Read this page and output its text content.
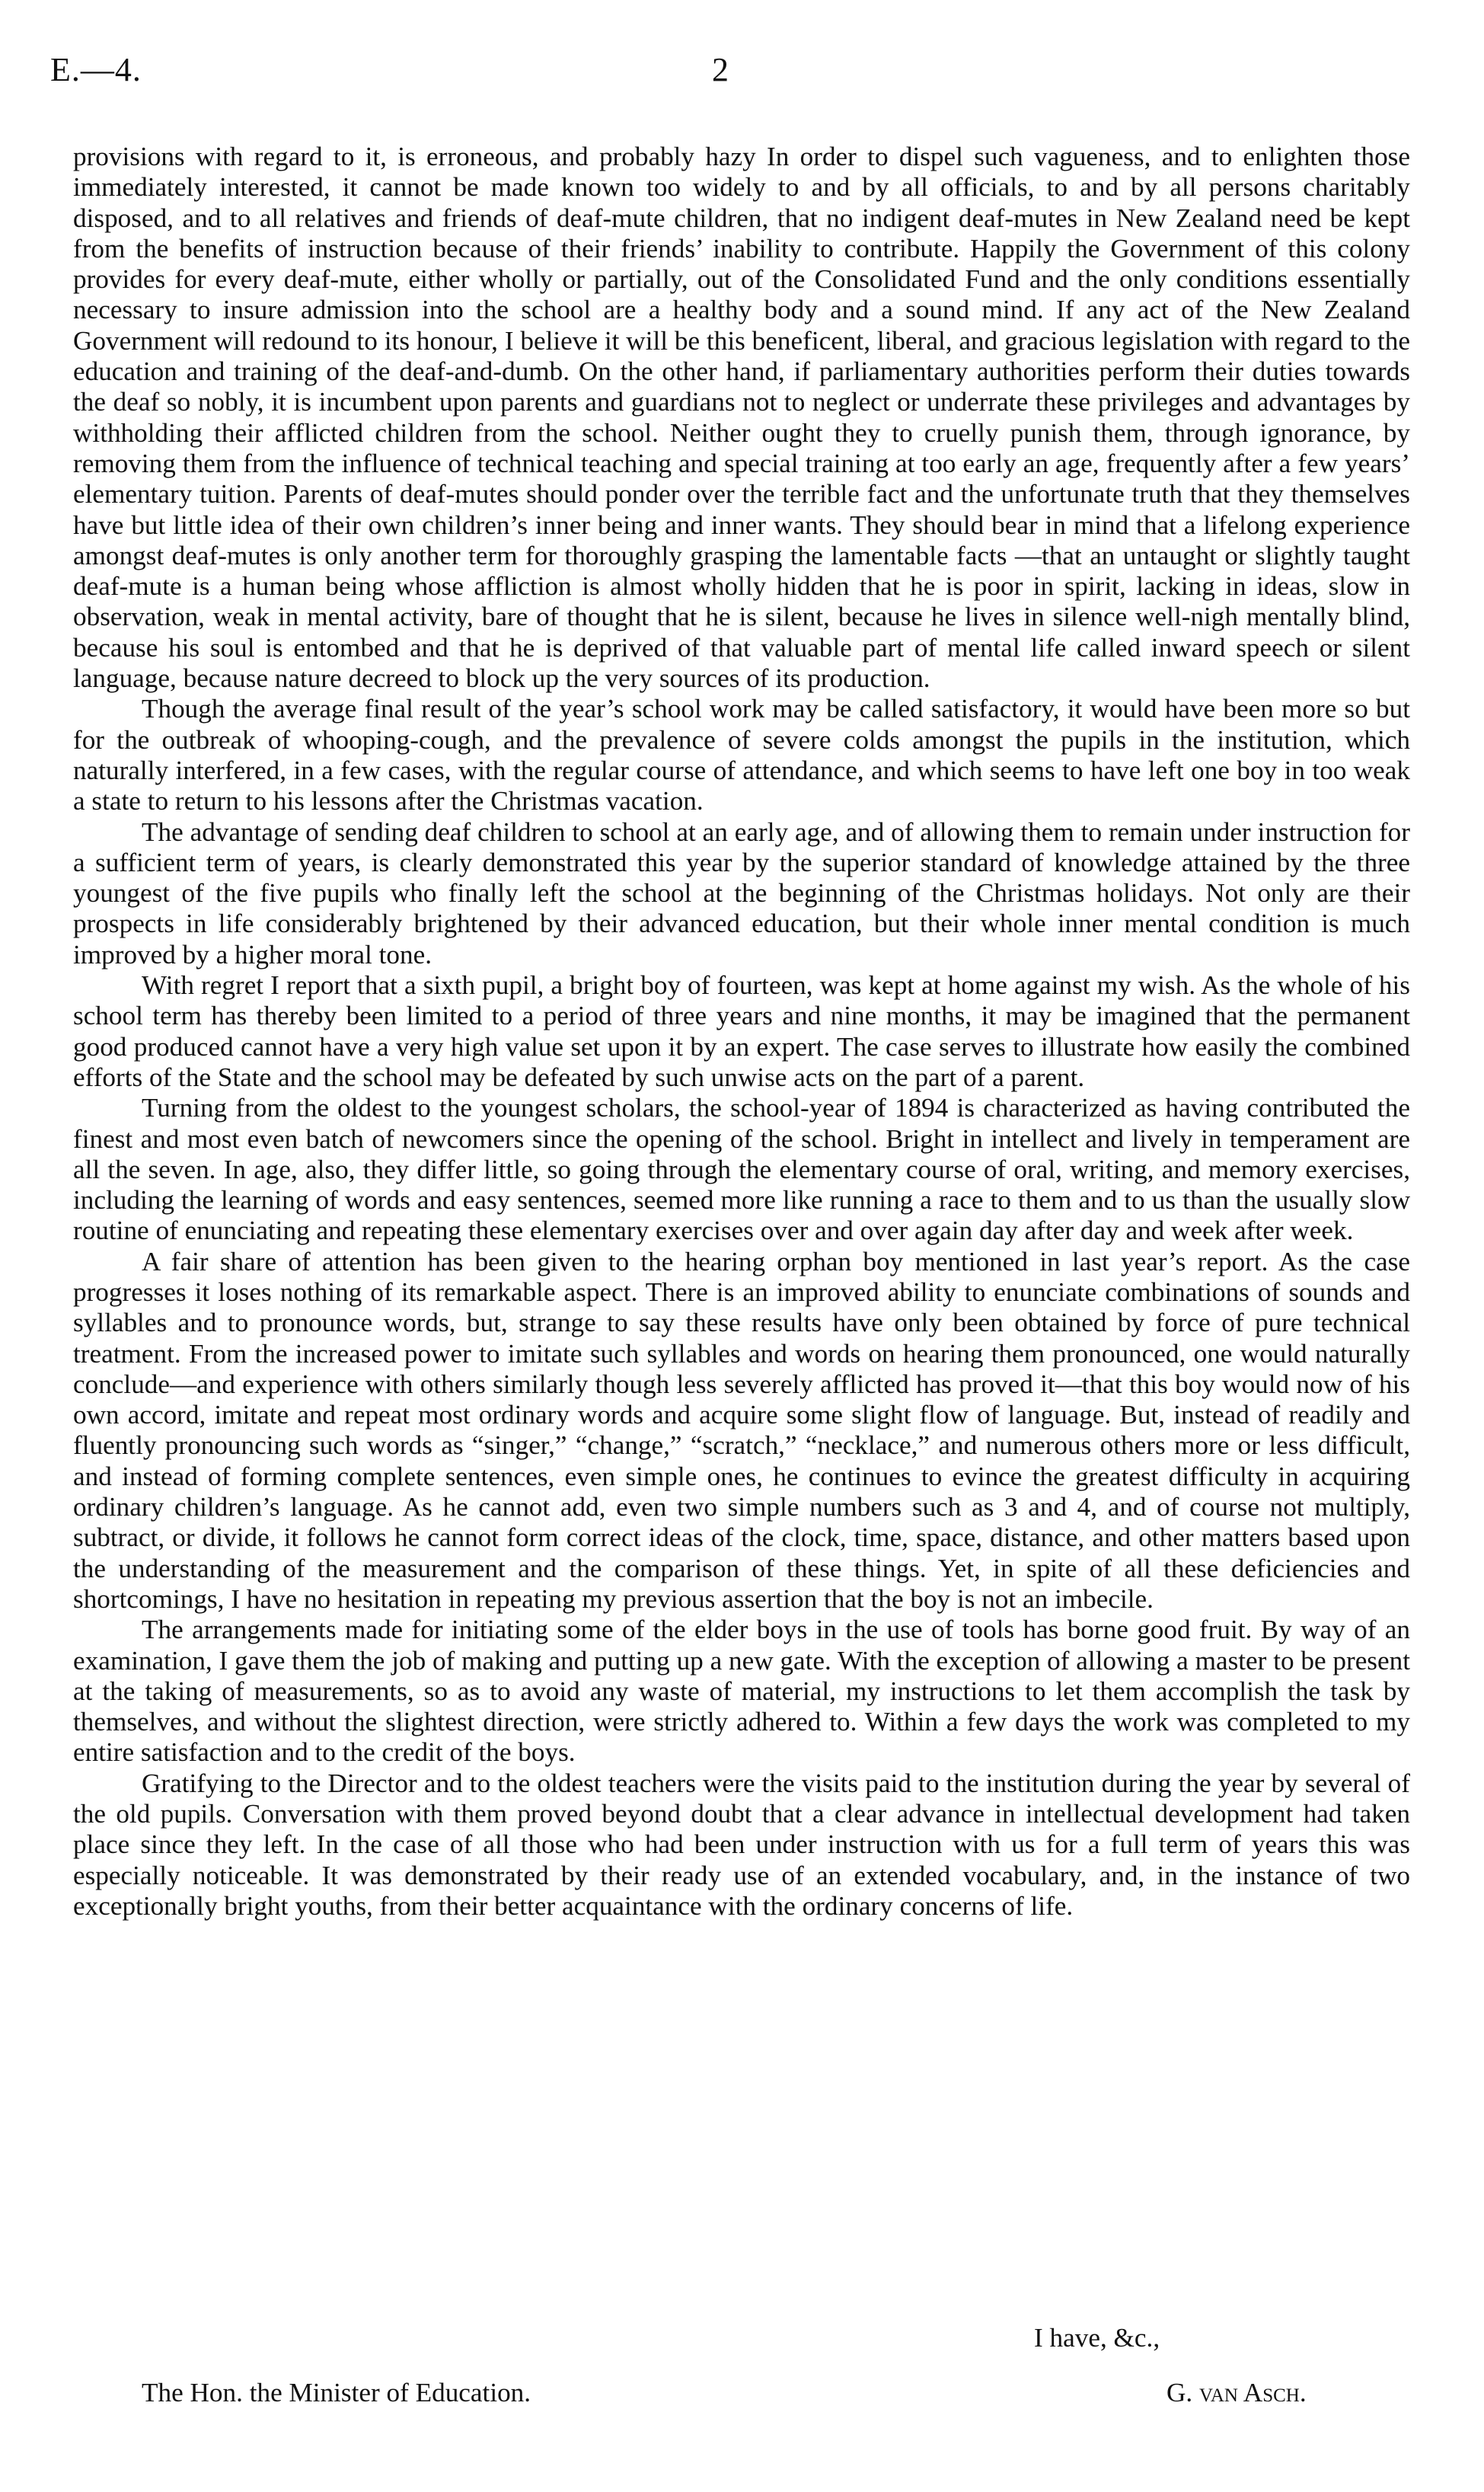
E.—4.	2

provisions with regard to it, is erroneous, and probably hazy In order to dispel such vagueness, and to enlighten those immediately interested, it cannot be made known too widely to and by all officials, to and by all persons charitably disposed, and to all relatives and friends of deaf-mute children, that no indigent deaf-mutes in New Zealand need be kept from the benefits of instruction because of their friends’ inability to contribute. Happily the Government of this colony provides for every deaf-mute, either wholly or partially, out of the Consolidated Fund and the only conditions essentially necessary to insure admission into the school are a healthy body and a sound mind. If any act of the New Zealand Government will redound to its honour, I believe it will be this beneficent, liberal, and gracious legislation with regard to the education and training of the deaf-and-dumb. On the other hand, if parliamentary authorities perform their duties towards the deaf so nobly, it is incumbent upon parents and guardians not to neglect or underrate these privileges and advantages by withholding their afflicted children from the school. Neither ought they to cruelly punish them, through ignorance, by removing them from the influence of technical teaching and special training at too early an age, frequently after a few years’ elementary tuition. Parents of deaf-mutes should ponder over the terrible fact and the unfortunate truth that they themselves have but little idea of their own children’s inner being and inner wants. They should bear in mind that a lifelong experience amongst deaf-mutes is only another term for thoroughly grasping the lamentable facts —that an untaught or slightly taught deaf-mute is a human being whose affliction is almost wholly hidden that he is poor in spirit, lacking in ideas, slow in observation, weak in mental activity, bare of thought that he is silent, because he lives in silence well-nigh mentally blind, because his soul is entombed and that he is deprived of that valuable part of mental life called inward speech or silent language, because nature decreed to block up the very sources of its production.

Though the average final result of the year’s school work may be called satisfactory, it would have been more so but for the outbreak of whooping-cough, and the prevalence of severe colds amongst the pupils in the institution, which naturally interfered, in a few cases, with the regular course of attendance, and which seems to have left one boy in too weak a state to return to his lessons after the Christmas vacation.

The advantage of sending deaf children to school at an early age, and of allowing them to remain under instruction for a sufficient term of years, is clearly demonstrated this year by the superior standard of knowledge attained by the three youngest of the five pupils who finally left the school at the beginning of the Christmas holidays. Not only are their prospects in life considerably brightened by their advanced education, but their whole inner mental condition is much improved by a higher moral tone.

With regret I report that a sixth pupil, a bright boy of fourteen, was kept at home against my wish. As the whole of his school term has thereby been limited to a period of three years and nine months, it may be imagined that the permanent good produced cannot have a very high value set upon it by an expert. The case serves to illustrate how easily the combined efforts of the State and the school may be defeated by such unwise acts on the part of a parent.

Turning from the oldest to the youngest scholars, the school-year of 1894 is characterized as having contributed the finest and most even batch of newcomers since the opening of the school. Bright in intellect and lively in temperament are all the seven. In age, also, they differ little, so going through the elementary course of oral, writing, and memory exercises, including the learning of words and easy sentences, seemed more like running a race to them and to us than the usually slow routine of enunciating and repeating these elementary exercises over and over again day after day and week after week.

A fair share of attention has been given to the hearing orphan boy mentioned in last year’s report. As the case progresses it loses nothing of its remarkable aspect. There is an improved ability to enunciate combinations of sounds and syllables and to pronounce words, but, strange to say these results have only been obtained by force of pure technical treatment. From the increased power to imitate such syllables and words on hearing them pronounced, one would naturally conclude—and experience with others similarly though less severely afflicted has proved it—that this boy would now of his own accord, imitate and repeat most ordinary words and acquire some slight flow of language. But, instead of readily and fluently pronouncing such words as “singer,” “change,” “scratch,” “necklace,” and numerous others more or less difficult, and instead of forming complete sentences, even simple ones, he continues to evince the greatest difficulty in acquiring ordinary children’s language. As he cannot add, even two simple numbers such as 3 and 4, and of course not multiply, subtract, or divide, it follows he cannot form correct ideas of the clock, time, space, distance, and other matters based upon the understanding of the measurement and the comparison of these things. Yet, in spite of all these deficiencies and shortcomings, I have no hesitation in repeating my previous assertion that the boy is not an imbecile.

The arrangements made for initiating some of the elder boys in the use of tools has borne good fruit. By way of an examination, I gave them the job of making and putting up a new gate. With the exception of allowing a master to be present at the taking of measurements, so as to avoid any waste of material, my instructions to let them accomplish the task by themselves, and without the slightest direction, were strictly adhered to. Within a few days the work was completed to my entire satisfaction and to the credit of the boys.

Gratifying to the Director and to the oldest teachers were the visits paid to the institution during the year by several of the old pupils. Conversation with them proved beyond doubt that a clear advance in intellectual development had taken place since they left. In the case of all those who had been under instruction with us for a full term of years this was especially noticeable. It was demonstrated by their ready use of an extended vocabulary, and, in the instance of two exceptionally bright youths, from their better acquaintance with the ordinary concerns of life.

I have, &c.,
The Hon. the Minister of Education.	G. van Asch.
